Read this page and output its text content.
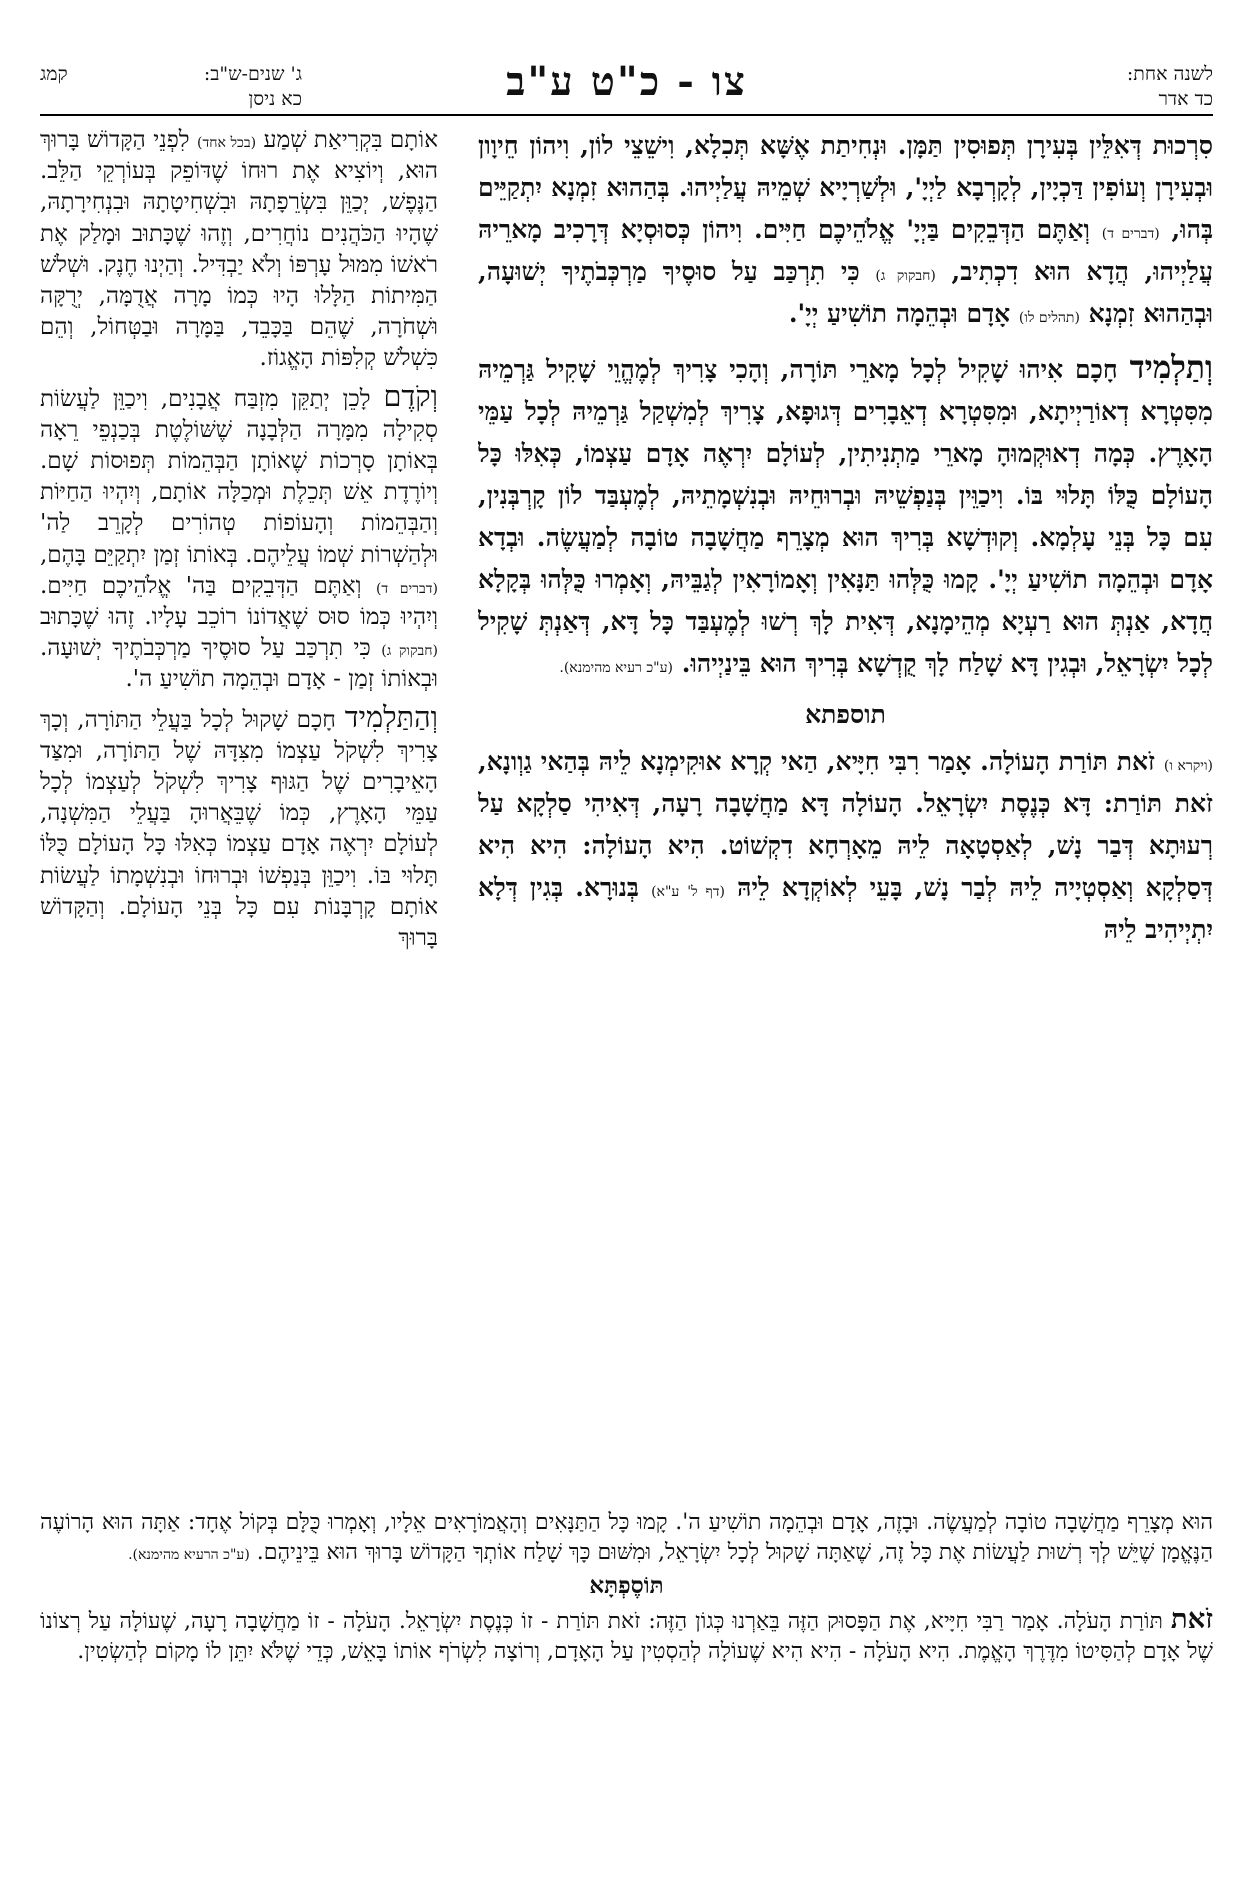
לשנה אחת:
כד אדר
צו - כ"ט ע"ב
ג' שנים-ש"ב:
כא ניסן
קמג

סִרְכוּת דְּאִלֵּין בְּעִירָן תְּפוּסִין תַּמָּן. וּנְחִיתַת אֶשָּׁא תְּכִלָא, וִישֵׁצֵי לוֹן, וִיהוֹן חֵיוָון וּבְעִירָן וְעוֹפִין דַּכְיָין, לְקָרְבָא לַיְיָ', וּלְשַׁרְיָיא שְׁמֵיהּ עֲלַיְיהוּ. בְּהַהוּא זִמְנָא יִתְקַיֵּים בְּהוּ, (דברים ד) וְאַתֶּם הַדְּבֵקִים בַּיְיָ' אֱלֹהֵיכֶם חַיִּים. וִיהוֹן כְּסוּסְיָא דְּרָכִיב מָארֵיהּ עֲלַיְיהוּ, הֲדָא הוּא דִכְתִיב, (חבקוק ג) כִּי תִרְכַּב עַל סוּסֶיךָ מַרְכְּבֹתֶיךָ יְשׁוּעָה, וּבְהַהוּא זִמְנָא (תהלים לו) אָדָם וּבְהֵמָה תוֹשִׁיעַ יְיָ'.

וְתַלְמִיד חָכָם אִיהוּ שָׁקִיל לְכָל מָארֵי תּוֹרָה, וְהָכִי צָרִיךְ לְמֶהֱוֵי שָׁקִיל גַּרְמֵיהּ מִסִּטְרָא דְאוֹרַיְיתָא, וּמִסִּטְרָא דְאֵבָרִים דְּגוּפָא, צָרִיךְ לְמִשְׁקַל גַּרְמֵיהּ לְכָל עַמֵּי הָאָרֶץ. כְּמָה דְאוּקְמוּהָ מָארֵי מַתְנִיתִין, לְעוֹלָם יִרְאֶה אָדָם עַצְמוֹ, כְּאִלּוּ כָּל הָעוֹלָם כֻּלּוֹ תָּלוּי בּוֹ. וִיכַוֵּין בְּנַפְשֵׁיהּ וּבְרוּחֵיהּ וּבְנִשְׁמָתֵיהּ, לְמֶעְבַּד לוֹן קָרְבְּנִין, עִם כָּל בְּנֵי עָלְמָא. וְקוּדְשָׁא בְּרִיךְ הוּא מְצָרֵף מַחֲשָׁבָה טוֹבָה לְמַעֲשֶׂה. וּבְדָא אָדָם וּבְהֵמָה תוֹשִׁיעַ יְיָ'. קָמוּ כֻּלְּהוּ תַּנָּאִין וְאָמוֹרָאִין לְגַבֵּיהּ, וְאָמְרוּ כֻּלְּהוּ בְּקָלָא חֲדָא, אַנְתְּ הוּא רַעְיָא מְהֵימָנָא, דְּאִית לָךְ רְשׁוּ לְמֶעְבַּד כָּל דָּא, דְּאַנְתְּ שָׁקִיל לְכָל יִשְׂרָאֵל, וּבְגִין דָּא שָׁלַח לָךְ קֻדְשָׁא בְּרִיךְ הוּא בֵּינַיְיהוּ. (ע"כ רעיא מהימנא).

תוספתא

(ויקרא ו) זֹאת תּוֹרַת הָעוֹלָה. אָמַר רִבִּי חִיָּיא, הַאי קְרָא אוּקִימְנָא לֵיהּ בְּהַאי גַוְונָא, זֹאת תּוֹרַת: דָּא כְּנֶסֶת יִשְׂרָאֵל. הָעוֹלָה דָּא מַחֲשָׁבָה רָעָה, דְּאִיהִי סַלְקָא עַל רְעוּתָא דְּבַר נָשׁ, לְאַסְטָאָה לֵיהּ מֵאָרְחָא דִקְשׁוֹט. הִיא הָעוֹלָה: הִיא הִיא דְּסַלְקָא וְאַסְטְיָיה לֵיהּ לְבַר נָשׁ, בָּעֵי לְאוֹקְדָא לֵיהּ (דף ל' ע"א) בְּנוּרָא. בְּגִין דְּלָא יִתְיְיהִיב לֵיהּ

אוֹתָם בִּקְרִיאַת שְׁמַע (בכל אחד) לִפְנֵי הַקָּדוֹשׁ בָּרוּךְ הוּא, וְיוֹצִיא אֶת רוּחוֹ שֶׁדּוֹפֵק בְּעוֹרְקֵי הַלֵּב. הַנֶּפֶשׁ, יְכַוֵּן בִּשְׂרֵפָתָהּ וּבִשְׁחִיטָתָהּ וּבִנְחִירָתָהּ, שֶׁהָיוּ הַכֹּהֲנִים נוֹחֲרִים, וְזֶהוּ שֶׁכָּתוּב וּמָלַק אֶת רֹאשׁוֹ מִמּוּל עָרְפּוֹ וְלֹא יַבְדִּיל. וְהַיְנוּ חֶנֶק. וּשְׁלֹשׁ הַמִּיתוֹת הַלָּלוּ הָיוּ כְּמוֹ מָרָה אֲדֻמָּה, יְרֻקָּה וּשְׁחֹרָה, שֶׁהֵם בַּכָּבֵד, בַּמָּרָה וּבַטְּחוֹל, וְהֵם כִּשְׁלֹשׁ קְלִפּוֹת הָאֱגוֹז.

וְקֹדֶם לָכֵן יְתַקֵּן מִזְבַּח אֲבָנִים, וִיכַוֵּן לַעֲשׂוֹת סְקִילָה מִמָּרָה הַלְּבָנָה שֶׁשּׁוֹלֶטֶת בְּכַנְפֵי רֵאָה בְּאוֹתָן סָרְכוֹת שֶׁאוֹתָן הַבְּהֵמוֹת תְּפוּסוֹת שָׁם. וְיוֹרֶדֶת אֵשׁ תְּכֵלֶת וּמְכַלָּה אוֹתָם, וְיִהְיוּ הַחַיּוֹת וְהַבְּהֵמוֹת וְהָעוֹפוֹת טְהוֹרִים לְקָרֵב לַה' וּלְהַשְׁרוֹת שְׁמוֹ עֲלֵיהֶם. בְּאוֹתוֹ זְמַן יִתְקַיֵּם בָּהֶם, (דברים ד) וְאַתֶּם הַדְּבֵקִים בַּה' אֱלֹהֵיכֶם חַיִּים. וְיִהְיוּ כְּמוֹ סוּס שֶׁאֲדוֹנוֹ רוֹכֵב עָלָיו. זֶהוּ שֶׁכָּתוּב (חבקוק ג) כִּי תִרְכַּב עַל סוּסֶיךָ מַרְכְּבֹתֶיךָ יְשׁוּעָה. וּבְאוֹתוֹ זְמַן - אָדָם וּבְהֵמָה תוֹשִׁיעַ ה'.

וְהַתַּלְמִיד חָכָם שָׁקוּל לְכָל בַּעֲלֵי הַתּוֹרָה, וְכָךְ צָרִיךְ לִשְׁקֹל עַצְמוֹ מִצִּדָּהּ שֶׁל הַתּוֹרָה, וּמִצַּד הָאֵיבָרִים שֶׁל הַגּוּף צָרִיךְ לִשְׁקֹל לְעַצְמוֹ לְכָל עַמֵּי הָאָרֶץ, כְּמוֹ שֶׁבֵּאֲרוּהָ בַּעֲלֵי הַמִּשְׁנָה, לְעוֹלָם יִרְאֶה אָדָם עַצְמוֹ כְּאִלּוּ כָּל הָעוֹלָם כֻּלּוֹ תָּלוּי בּוֹ. וִיכַוֵּן בְּנַפְשׁוֹ וּבְרוּחוֹ וּבְנִשְׁמָתוֹ לַעֲשׂוֹת אוֹתָם קָרְבָּנוֹת עִם כָּל בְּנֵי הָעוֹלָם. וְהַקָּדוֹשׁ בָּרוּךְ

הוּא מְצָרֵף מַחֲשָׁבָה טוֹבָה לְמַעֲשֶׂה. וּבָזֶה, אָדָם וּבְהֵמָה תוֹשִׁיעַ ה'. קָמוּ כָּל הַתַּנָּאִים וְהָאֲמוֹרָאִים אֵלָיו, וְאָמְרוּ כֻּלָּם בְּקוֹל אֶחָד: אַתָּה הוּא הָרוֹעֶה הַנֶּאֱמָן שֶׁיֵּשׁ לְךָ רְשׁוּת לַעֲשׂוֹת אֶת כָּל זֶה, שֶׁאַתָּה שָׁקוּל לְכָל יִשְׂרָאֵל, וּמִשּׁוּם כָּךְ שָׁלַח אוֹתְךָ הַקָּדוֹשׁ בָּרוּךְ הוּא בֵּינֵיהֶם. (ע"כ הרעיא מהימנא).

תּוֹסֶפְתָּא

זֹאת תּוֹרַת הָעֹלָה. אָמַר רַבִּי חִיָּיא, אֶת הַפָּסוּק הַזֶּה בֵּאַרְנוּ כְּגוֹן הַזֶּה: זֹאת תּוֹרַת - זוֹ כְּנֶסֶת יִשְׂרָאֵל. הָעֹלָה - זוֹ מַחֲשָׁבָה רָעָה, שֶׁעוֹלָה עַל רְצוֹנוֹ שֶׁל אָדָם לְהַסִּיטוֹ מִדֶּרֶךְ הָאֱמֶת. הִיא הָעֹלָה - הִיא הִיא שֶׁעוֹלָה לְהַסְטִין עַל הָאָדָם, וְרוֹצָה לִשְׂרֹף אוֹתוֹ בָּאֵשׁ, כְּדֵי שֶׁלֹּא יִתֵּן לוֹ מָקוֹם לְהַשְׂטִין.
